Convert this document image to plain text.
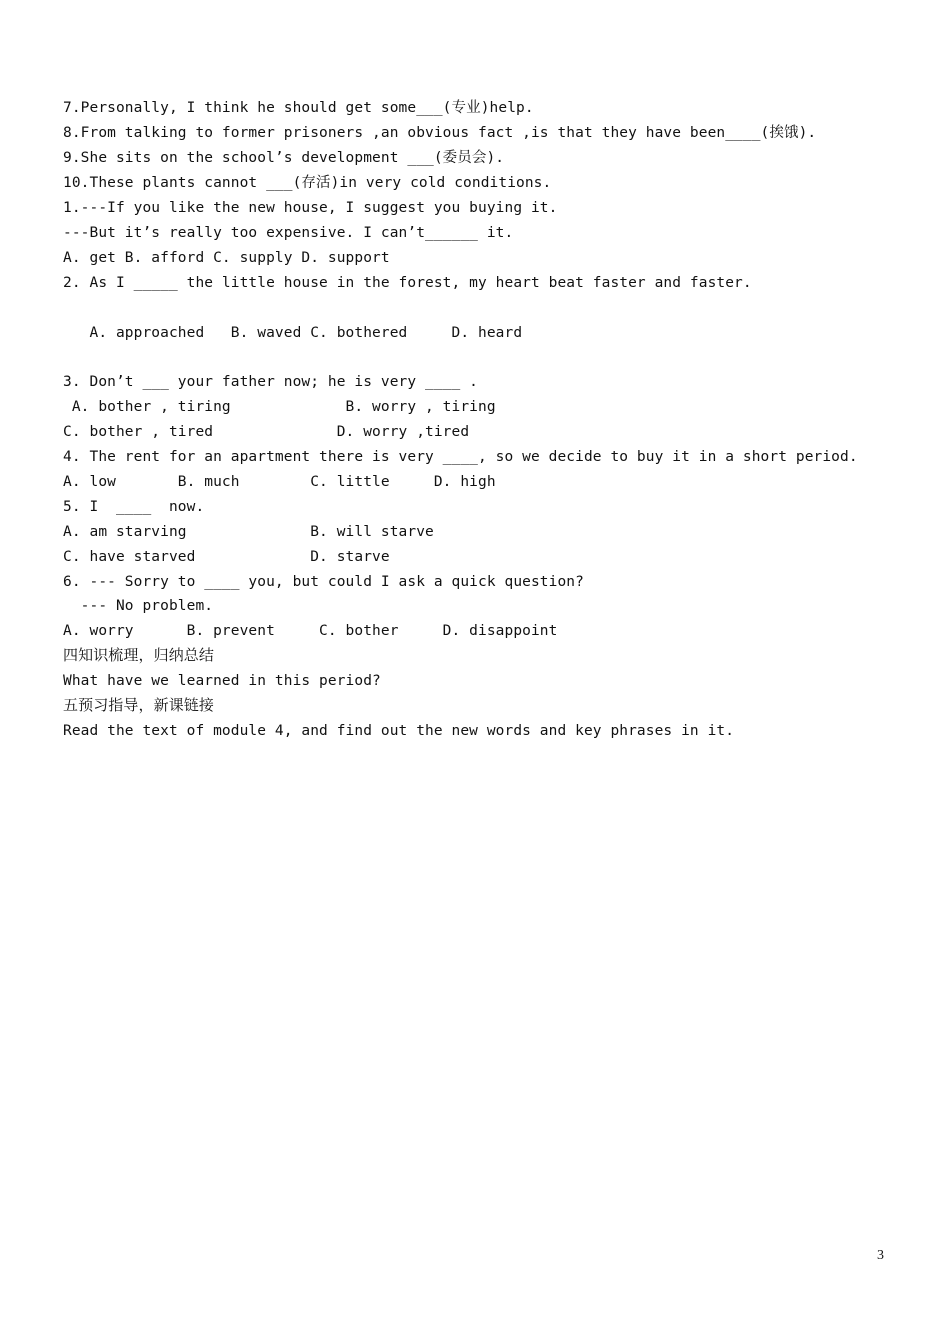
7.Personally, I think he should get some___(专业)help.
8.From talking to former prisoners ,an obvious fact ,is that they have been____(挨饿).
9.She sits on the school’s development ___(委员会).
10.These plants cannot ___(存活)in very cold conditions.
1.---If you like the new house, I suggest you buying it.
---But it’s really too expensive. I can’t______ it.
A. get B. afford C. supply D. support
2. As I _____ the little house in the forest, my heart beat faster and faster.
A. approached   B. waved C. bothered     D. heard
3. Don’t ___ your father now; he is very ____ .
A. bother , tiring             B. worry , tiring
C. bother , tired              D. worry ,tired
4. The rent for an apartment there is very ____, so we decide to buy it in a short period.
A. low       B. much        C. little     D. high
5. I  ____  now.
A. am starving              B. will starve
C. have starved             D. starve
6. --- Sorry to ____ you, but could I ask a quick question?
--- No problem.
A. worry      B. prevent     C. bother     D. disappoint
四知识梳理，归纳总结
What have we learned in this period?
五预习指导，新课链接
Read the text of module 4, and find out the new words and key phrases in it.
3
